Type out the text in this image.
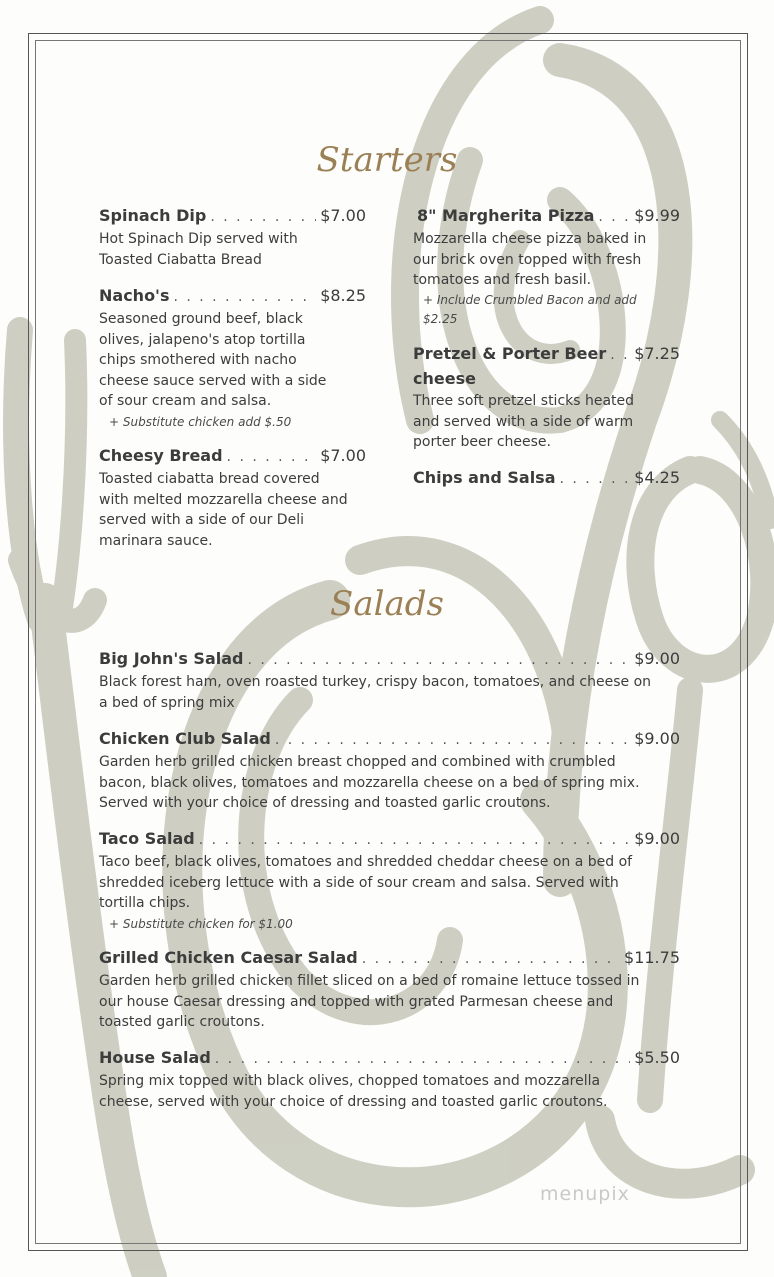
Starters
Spinach Dip . . .	$7.00
Hot Spinach Dip served with Toasted Ciabatta Bread
Nacho's . . .	$8.25
Seasoned ground beef, black olives, jalapeno's atop tortilla chips smothered with nacho cheese sauce served with a side of sour cream and salsa.
+ Substitute chicken add $.50
Cheesy Bread . . .	$7.00
Toasted ciabatta bread covered with melted mozzarella cheese and served with a side of our Deli marinara sauce.
8" Margherita Pizza . . . $9.99
Mozzarella cheese pizza baked in our brick oven topped with fresh tomatoes and fresh basil.
+ Include Crumbled Bacon and add $2.25
Pretzel & Porter Beer . . . $7.25
cheese
Three soft pretzel sticks heated and served with a side of warm porter beer cheese.
Chips and Salsa . . .	$4.25
Salads
Big John's Salad . . .	$9.00
Black forest ham, oven roasted turkey, crispy bacon, tomatoes, and cheese on a bed of spring mix
Chicken Club Salad . . .	$9.00
Garden herb grilled chicken breast chopped and combined with crumbled bacon, black olives, tomatoes and mozzarella cheese on a bed of spring mix. Served with your choice of dressing and toasted garlic croutons.
Taco Salad . . .	$9.00
Taco beef, black olives, tomatoes and shredded cheddar cheese on a bed of shredded iceberg lettuce with a side of sour cream and salsa. Served with tortilla chips.
+ Substitute chicken for $1.00
Grilled Chicken Caesar Salad . . .	$11.75
Garden herb grilled chicken fillet sliced on a bed of romaine lettuce tossed in our house Caesar dressing and topped with grated Parmesan cheese and toasted garlic croutons.
House Salad . . .	$5.50
Spring mix topped with black olives, chopped tomatoes and mozzarella cheese, served with your choice of dressing and toasted garlic croutons.
menupix
